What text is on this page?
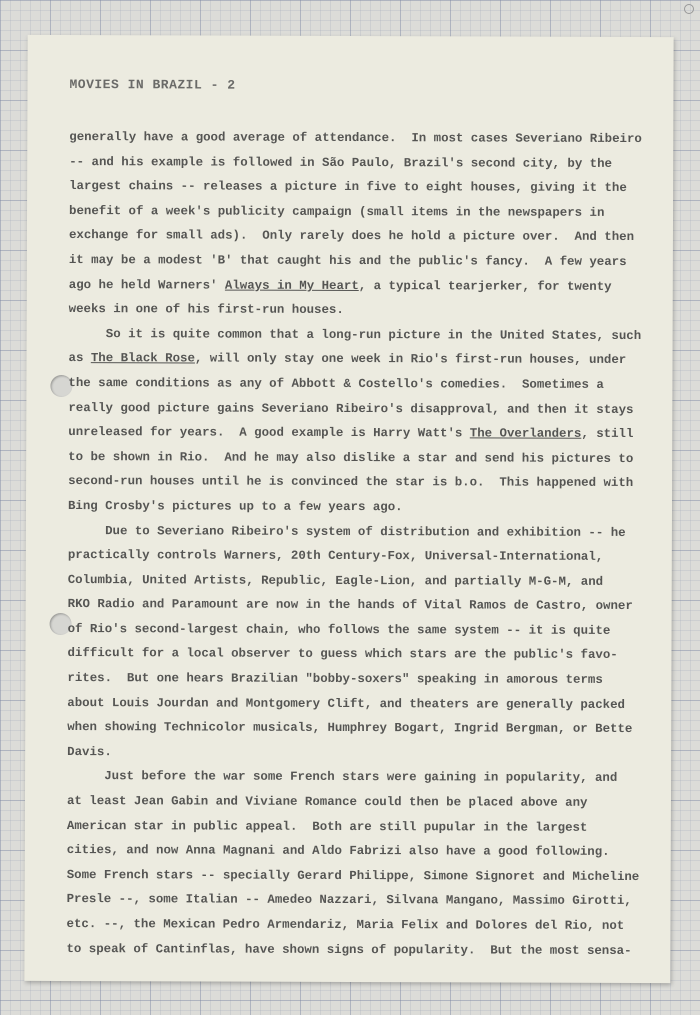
MOVIES IN BRAZIL - 2
generally have a good average of attendance.  In most cases Severiano Ribeiro
-- and his example is followed in São Paulo, Brazil's second city, by the
largest chains -- releases a picture in five to eight houses, giving it the
benefit of a week's publicity campaign (small items in the newspapers in
exchange for small ads).  Only rarely does he hold a picture over.  And then
it may be a modest 'B' that caught his and the public's fancy.  A few years
ago he held Warners' Always in My Heart, a typical tearjerker, for twenty
weeks in one of his first-run houses.
So it is quite common that a long-run picture in the United States, such
as The Black Rose, will only stay one week in Rio's first-run houses, under
the same conditions as any of Abbott & Costello's comedies.  Sometimes a
really good picture gains Severiano Ribeiro's disapproval, and then it stays
unreleased for years.  A good example is Harry Watt's The Overlanders, still
to be shown in Rio.  And he may also dislike a star and send his pictures to
second-run houses until he is convinced the star is b.o.  This happened with
Bing Crosby's pictures up to a few years ago.
Due to Severiano Ribeiro's system of distribution and exhibition -- he
practically controls Warners, 20th Century-Fox, Universal-International,
Columbia, United Artists, Republic, Eagle-Lion, and partially M-G-M, and
RKO Radio and Paramount are now in the hands of Vital Ramos de Castro, owner
of Rio's second-largest chain, who follows the same system -- it is quite
difficult for a local observer to guess which stars are the public's favo-
rites.  But one hears Brazilian "bobby-soxers" speaking in amorous terms
about Louis Jourdan and Montgomery Clift, and theaters are generally packed
when showing Technicolor musicals, Humphrey Bogart, Ingrid Bergman, or Bette
Davis.
Just before the war some French stars were gaining in popularity, and
at least Jean Gabin and Viviane Romance could then be placed above any
American star in public appeal.  Both are still pupular in the largest
cities, and now Anna Magnani and Aldo Fabrizi also have a good following.
Some French stars -- specially Gerard Philippe, Simone Signoret and Micheline
Presle --, some Italian -- Amedeo Nazzari, Silvana Mangano, Massimo Girotti,
etc. --, the Mexican Pedro Armendariz, Maria Felix and Dolores del Rio, not
to speak of Cantinflas, have shown signs of popularity.  But the most sensa-
